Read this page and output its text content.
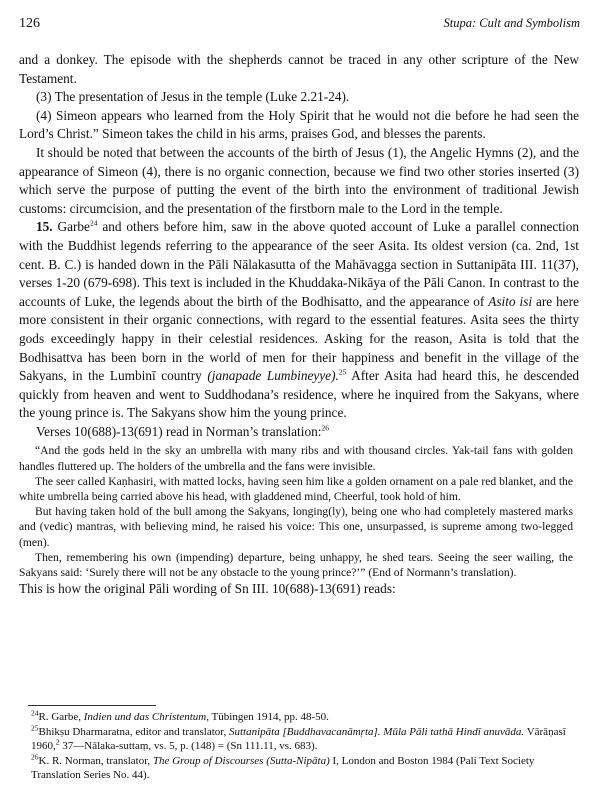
126	Stupa: Cult and Symbolism

and a donkey. The episode with the shepherds cannot be traced in any other scripture of the New Testament.

(3) The presentation of Jesus in the temple (Luke 2.21-24).

(4) Simeon appears who learned from the Holy Spirit that he would not die before he had seen the Lord’s Christ.” Simeon takes the child in his arms, praises God, and blesses the parents.

It should be noted that between the accounts of the birth of Jesus (1), the Angelic Hymns (2), and the appearance of Simeon (4), there is no organic connection, because we find two other stories inserted (3) which serve the purpose of putting the event of the birth into the environment of traditional Jewish customs: circumcision, and the presentation of the firstborn male to the Lord in the temple.

15. Garbe$^{24}$ and others before him, saw in the above quoted account of Luke a parallel connection with the Buddhist legends referring to the appearance of the seer Asita. Its oldest version (ca. 2nd, 1st cent. B. C.) is handed down in the Pāli Nālakasutta of the Mahāvagga section in Suttanipāta III. 11(37), verses 1-20 (679-698). This text is included in the Khuddaka-Nikāya of the Pāli Canon. In contrast to the accounts of Luke, the legends about the birth of the Bodhisatto, and the appearance of Asito isi are here more consistent in their organic connections, with regard to the essential features. Asita sees the thirty gods exceedingly happy in their celestial residences. Asking for the reason, Asita is told that the Bodhisattva has been born in the world of men for their happiness and benefit in the village of the Sakyans, in the Lumbinī country (janapade Lumbineyye).$^{25}$ After Asita had heard this, he descended quickly from heaven and went to Suddhodana’s residence, where he inquired from the Sakyans, where the young prince is. The Sakyans show him the young prince.

Verses 10(688)-13(691) read in Norman’s translation:$^{26}$

“And the gods held in the sky an umbrella with many ribs and with thousand circles. Yak-tail fans with golden handles fluttered up. The holders of the umbrella and the fans were invisible.

The seer called Kaṇhasiri, with matted locks, having seen him like a golden ornament on a pale red blanket, and the white umbrella being carried above his head, with gladdened mind, Cheerful, took hold of him.

But having taken hold of the bull among the Sakyans, longing(ly), being one who had completely mastered marks and (vedic) mantras, with believing mind, he raised his voice: This one, unsurpassed, is supreme among two-legged (men).

Then, remembering his own (impending) departure, being unhappy, he shed tears. Seeing the seer wailing, the Sakyans said: ‘Surely there will not be any obstacle to the young prince?’” (End of Normann’s translation).

This is how the original Pāli wording of Sn III. 10(688)-13(691) reads:

$^{24}$R. Garbe, Indien und das Christentum, Tübingen 1914, pp. 48-50.

$^{25}$Bhikṣu Dharmaratna, editor and translator, Suttanipāta [Buddhavacanāmṛta]. Mūla Pāli tathā Hindī anuvāda. Vārāṇasī 1960,$^2$ 37—Nālaka-suttaṃ, vs. 5, p. (148) = (Sn 111.11, vs. 683).

$^{26}$K. R. Norman, translator, The Group of Discourses (Sutta-Nipāta) I, London and Boston 1984 (Pali Text Society Translation Series No. 44).
